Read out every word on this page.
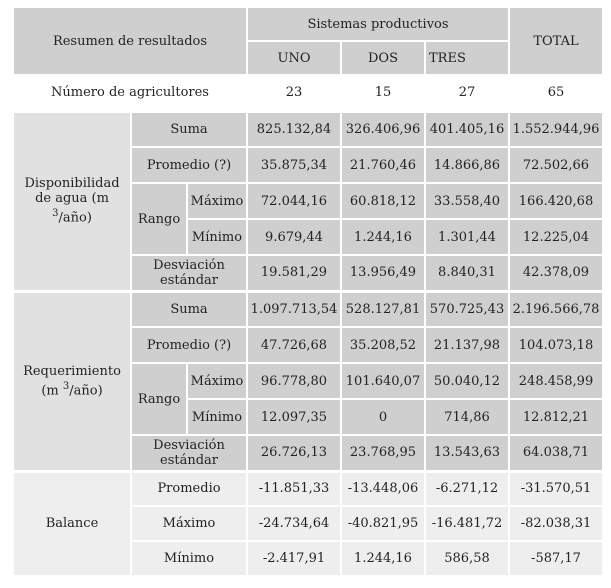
Resumen de resultados			Sistemas productivos			TOTAL
			UNO	DOS	TRES	
Número de agricultores			23	15	27	65
Disponibilidad de agua (m $^3$/año)	Suma		825.132,84	326.406,96	401.405,16	1.552.944,96
	Promedio (?)		35.875,34	21.760,46	14.866,86	72.502,66
	Rango	Máximo	72.044,16	60.818,12	33.558,40	166.420,68
		Mínimo	9.679,44	1.244,16	1.301,44	12.225,04
	Desviación estándar		19.581,29	13.956,49	8.840,31	42.378,09
Requerimiento (m $^3$/año)	Suma		1.097.713,54	528.127,81	570.725,43	2.196.566,78
	Promedio (?)		47.726,68	35.208,52	21.137,98	104.073,18
	Rango	Máximo	96.778,80	101.640,07	50.040,12	248.458,99
		Mínimo	12.097,35	0	714,86	12.812,21
	Desviación estándar		26.726,13	23.768,95	13.543,63	64.038,71
Balance	Promedio		-11.851,33	-13.448,06	-6.271,12	-31.570,51
	Máximo		-24.734,64	-40.821,95	-16.481,72	-82.038,31
	Mínimo		-2.417,91	1.244,16	586,58	-587,17
